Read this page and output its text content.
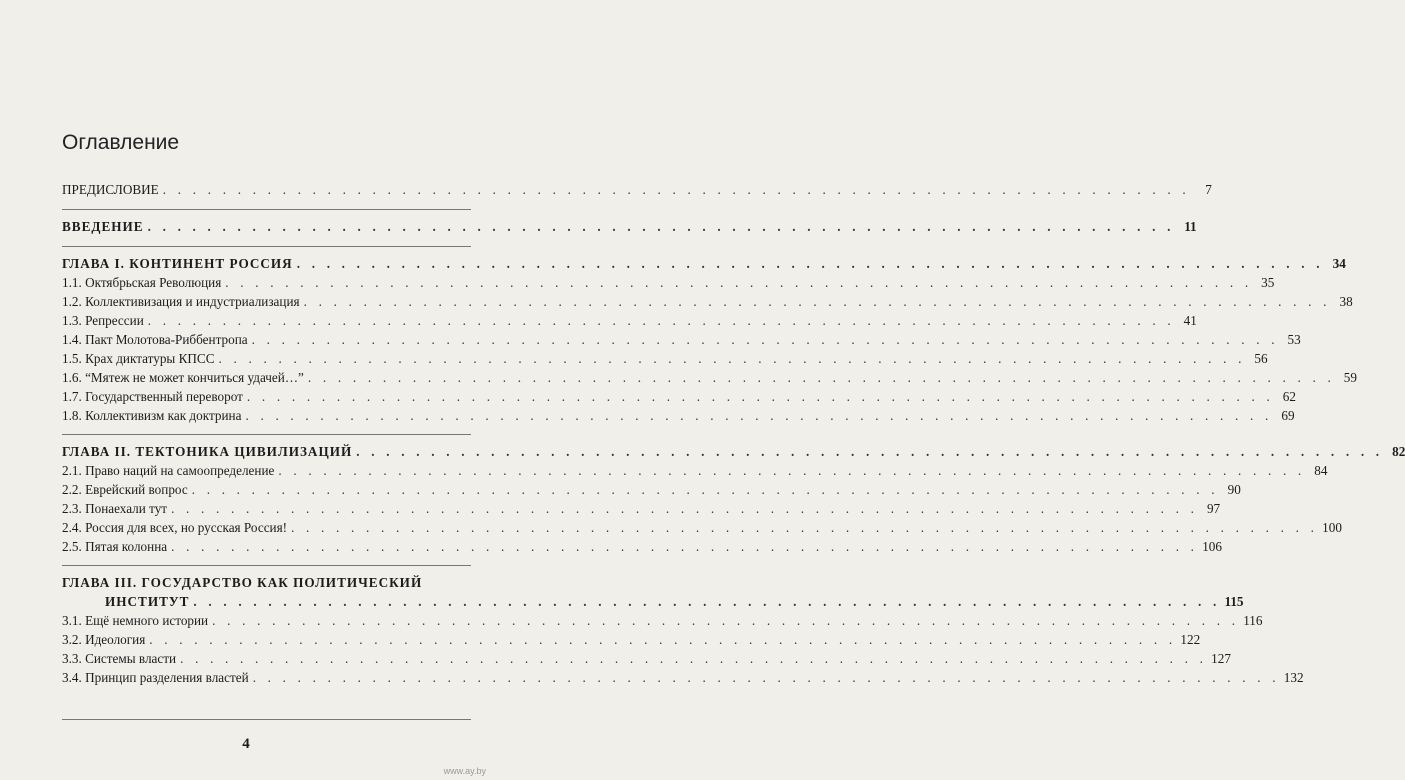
Оглавление
ПРЕДИСЛОВИЕ . . . . . . . . . . . . . . . . . . . . . . . . . . . . . . . . . . . . . . . . . . . . . . . . . . . . . . . . . . . . . . . . . . . . .	7
ВВЕДЕНИЕ . . . . . . . . . . . . . . . . . . . . . . . . . . . . . . . . . . . . . . . . . . . . . . . . . . . . . . . . . . . . . . . . . . . . . 11
ГЛАВА I. КОНТИНЕНТ РОССИЯ . . . . . . . . . . . . . . . . . . . . . . . . . . . . . . . . . . . . . . . . . . . . . . . . . . . . . . . . . . . . . . . . . . . . . 34
1.1. Октябрьская Революция . . . . . . . . . . . . . . . . . . . . . . . . . . . . . . . . . . . . . . . . . . . . . . . . . . . . . . . . . . . . . . . . . . . . . 35
1.2. Коллективизация и индустриализация . . . . . . . . . . . . . . . . . . . . . . . . . . . . . . . . . . . . . . . . . . . . . . . . . . . . . . . . . . . . . . . . . . . . . 38
1.3. Репрессии . . . . . . . . . . . . . . . . . . . . . . . . . . . . . . . . . . . . . . . . . . . . . . . . . . . . . . . . . . . . . . . . . . . . . 41
1.4. Пакт Молотова-Риббентропа . . . . . . . . . . . . . . . . . . . . . . . . . . . . . . . . . . . . . . . . . . . . . . . . . . . . . . . . . . . . . . . . . . . . . 53
1.5. Крах диктатуры КПСС . . . . . . . . . . . . . . . . . . . . . . . . . . . . . . . . . . . . . . . . . . . . . . . . . . . . . . . . . . . . . . . . . . . . . 56
1.6. “Мятеж не может кончиться удачей…” . . . . . . . . . . . . . . . . . . . . . . . . . . . . . . . . . . . . . . . . . . . . . . . . . . . . . . . . . . . . . . . . . . . . . 59
1.7. Государственный переворот . . . . . . . . . . . . . . . . . . . . . . . . . . . . . . . . . . . . . . . . . . . . . . . . . . . . . . . . . . . . . . . . . . . . . 62
1.8. Коллективизм как доктрина . . . . . . . . . . . . . . . . . . . . . . . . . . . . . . . . . . . . . . . . . . . . . . . . . . . . . . . . . . . . . . . . . . . . . 69
ГЛАВА II. ТЕКТОНИКА ЦИВИЛИЗАЦИЙ . . . . . . . . . . . . . . . . . . . . . . . . . . . . . . . . . . . . . . . . . . . . . . . . . . . . . . . . . . . . . . . . . . . . . 82
2.1. Право наций на самоопределение . . . . . . . . . . . . . . . . . . . . . . . . . . . . . . . . . . . . . . . . . . . . . . . . . . . . . . . . . . . . . . . . . . . . . 84
2.2. Еврейский вопрос . . . . . . . . . . . . . . . . . . . . . . . . . . . . . . . . . . . . . . . . . . . . . . . . . . . . . . . . . . . . . . . . . . . . . 90
2.3. Понаехали тут . . . . . . . . . . . . . . . . . . . . . . . . . . . . . . . . . . . . . . . . . . . . . . . . . . . . . . . . . . . . . . . . . . . . . 97
2.4. Россия для всех, но русская Россия! . . . . . . . . . . . . . . . . . . . . . . . . . . . . . . . . . . . . . . . . . . . . . . . . . . . . . . . . . . . . . . . . . . . . . 100
2.5. Пятая колонна . . . . . . . . . . . . . . . . . . . . . . . . . . . . . . . . . . . . . . . . . . . . . . . . . . . . . . . . . . . . . . . . . . . . . 106
ГЛАВА III. ГОСУДАРСТВО КАК ПОЛИТИЧЕСКИЙ
ИНСТИТУТ . . . . . . . . . . . . . . . . . . . . . . . . . . . . . . . . . . . . . . . . . . . . . . . . . . . . . . . . . . . . . . . . . . . . . 115
3.1. Ещё немного истории . . . . . . . . . . . . . . . . . . . . . . . . . . . . . . . . . . . . . . . . . . . . . . . . . . . . . . . . . . . . . . . . . . . . . 116
3.2. Идеология . . . . . . . . . . . . . . . . . . . . . . . . . . . . . . . . . . . . . . . . . . . . . . . . . . . . . . . . . . . . . . . . . . . . . 122
3.3. Системы власти . . . . . . . . . . . . . . . . . . . . . . . . . . . . . . . . . . . . . . . . . . . . . . . . . . . . . . . . . . . . . . . . . . . . . 127
3.4. Принцип разделения властей . . . . . . . . . . . . . . . . . . . . . . . . . . . . . . . . . . . . . . . . . . . . . . . . . . . . . . . . . . . . . . . . . . . . . 132
4
www.ay.by
